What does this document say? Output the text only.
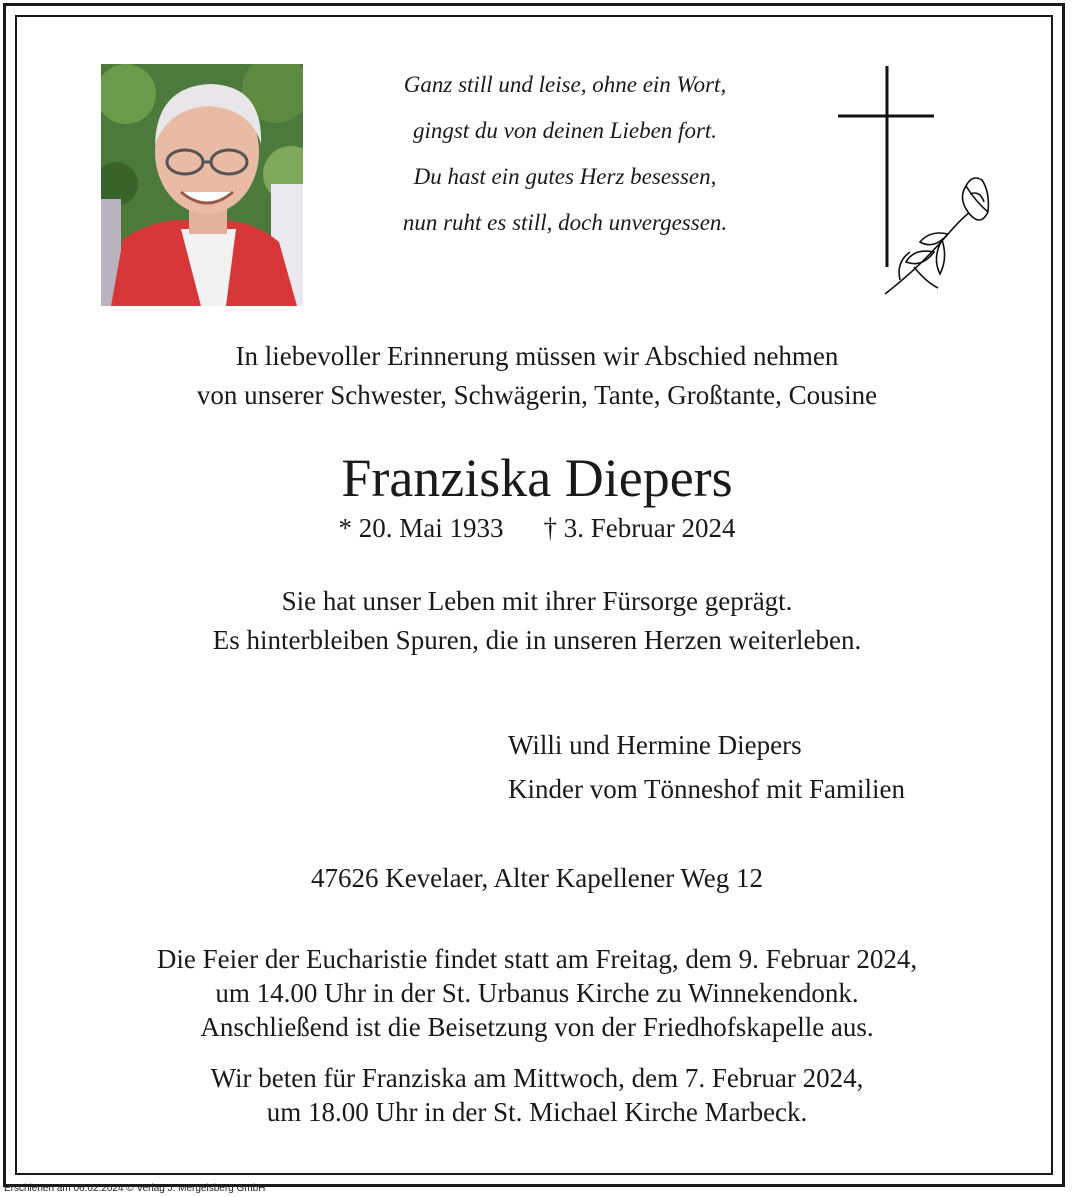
Ganz still und leise, ohne ein Wort,
gingst du von deinen Lieben fort.
Du hast ein gutes Herz besessen,
nun ruht es still, doch unvergessen.
In liebevoller Erinnerung müssen wir Abschied nehmen
von unserer Schwester, Schwägerin, Tante, Großtante, Cousine
Franziska Diepers
* 20. Mai 1933 † 3. Februar 2024
Sie hat unser Leben mit ihrer Fürsorge geprägt.
Es hinterbleiben Spuren, die in unseren Herzen weiterleben.
Willi und Hermine Diepers
Kinder vom Tönneshof mit Familien
47626 Kevelaer, Alter Kapellener Weg 12
Die Feier der Eucharistie findet statt am Freitag, dem 9. Februar 2024,
um 14.00 Uhr in der St. Urbanus Kirche zu Winnekendonk.
Anschließend ist die Beisetzung von der Friedhofskapelle aus.
Wir beten für Franziska am Mittwoch, dem 7. Februar 2024,
um 18.00 Uhr in der St. Michael Kirche Marbeck.
Erschienen am 06.02.2024 © Verlag J. Mergelsberg GmbH
